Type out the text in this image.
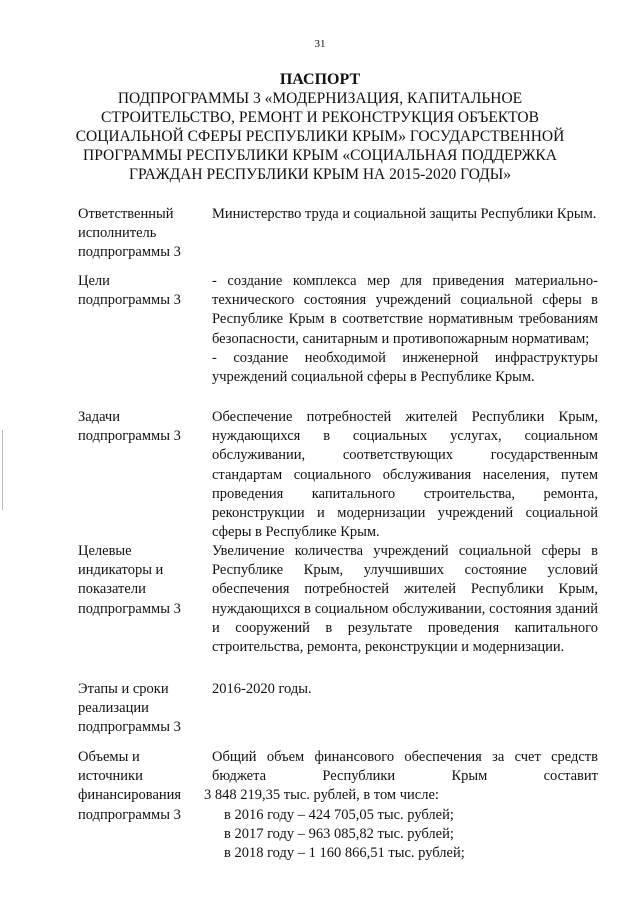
31
ПАСПОРТ
ПОДПРОГРАММЫ 3 «МОДЕРНИЗАЦИЯ, КАПИТАЛЬНОЕ
СТРОИТЕЛЬСТВО, РЕМОНТ И РЕКОНСТРУКЦИЯ ОБЪЕКТОВ
СОЦИАЛЬНОЙ СФЕРЫ РЕСПУБЛИКИ КРЫМ» ГОСУДАРСТВЕННОЙ
ПРОГРАММЫ РЕСПУБЛИКИ КРЫМ «СОЦИАЛЬНАЯ ПОДДЕРЖКА
ГРАЖДАН РЕСПУБЛИКИ КРЫМ НА 2015-2020 ГОДЫ»
Ответственный
исполнитель
подпрограммы 3
Министерство труда и социальной защиты Республики Крым.
Цели
подпрограммы 3
- создание комплекса мер для приведения материально-технического состояния учреждений социальной сферы в Республике Крым в соответствие нормативным требованиям безопасности, санитарным и противопожарным нормативам;
- создание необходимой инженерной инфраструктуры учреждений социальной сферы в Республике Крым.
Задачи
подпрограммы 3
Обеспечение потребностей жителей Республики Крым, нуждающихся в социальных услугах, социальном обслуживании, соответствующих государственным стандартам социального обслуживания населения, путем проведения капитального строительства, ремонта, реконструкции и модернизации учреждений социальной сферы в Республике Крым.
Целевые
индикаторы и
показатели
подпрограммы 3
Увеличение количества учреждений социальной сферы в Республике Крым, улучшивших состояние условий обеспечения потребностей жителей Республики Крым, нуждающихся в социальном обслуживании, состояния зданий и сооружений в результате проведения капитального строительства, ремонта, реконструкции и модернизации.
Этапы и сроки
реализации
подпрограммы 3
2016-2020 годы.
Объемы и
источники
финансирования
подпрограммы 3
Общий объем финансового обеспечения за счет средств
бюджета Республики Крым составит
3 848 219,35 тыс. рублей, в том числе:
в 2016 году – 424 705,05 тыс. рублей;
в 2017 году – 963 085,82 тыс. рублей;
в 2018 году – 1 160 866,51 тыс. рублей;
